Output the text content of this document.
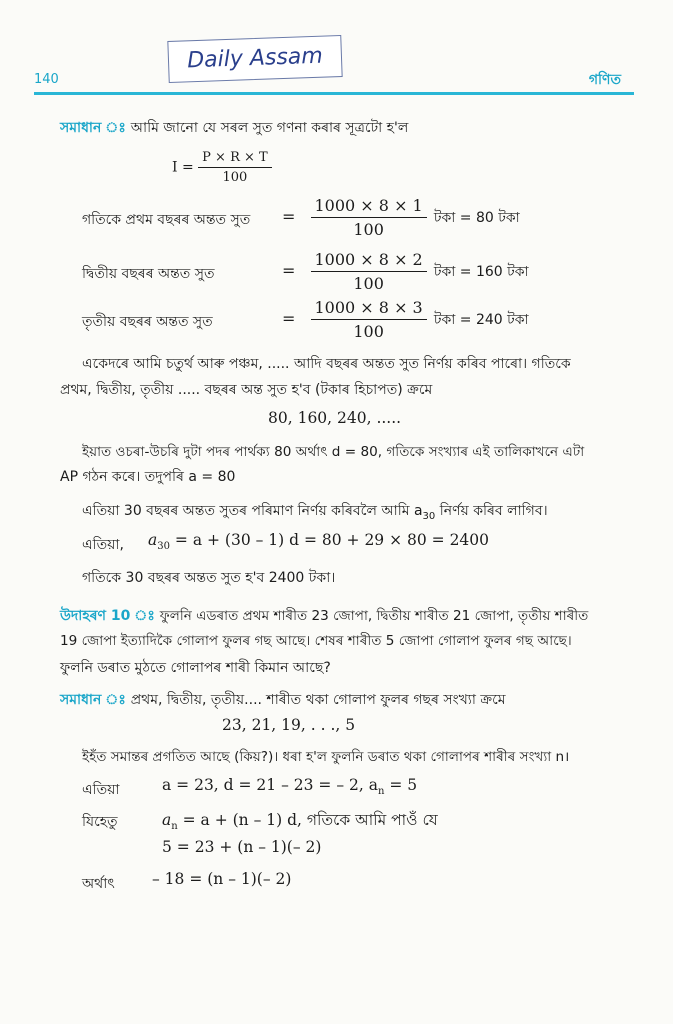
Daily Assam
140	গণিত
সমাধান ঃ আমি জানো যে সৰল সুত গণনা কৰাৰ সূত্ৰটো হ'ল
$I = \frac{P \times R \times T}{100}$
গতিকে প্ৰথম বছৰৰ অন্তত সুত = $\frac{1000 \times 8 \times 1}{100}$ টকা = 80 টকা
দ্বিতীয় বছৰৰ অন্তত সুত	= $\frac{1000 \times 8 \times 2}{100}$ টকা = 160 টকা
তৃতীয় বছৰৰ অন্তত সুত	= $\frac{1000 \times 8 \times 3}{100}$ টকা = 240 টকা
একেদৰে আমি চতুৰ্থ আৰু পঞ্চম, ..... আদি বছৰৰ অন্তত সুত নিৰ্ণয় কৰিব পাৰো। গতিকে
প্ৰথম, দ্বিতীয়, তৃতীয় ..... বছৰৰ অন্ত সুত হ'ব (টকাৰ হিচাপত) ক্ৰমে
80, 160, 240, .....
ইয়াত ওচৰা-উচৰি দুটা পদৰ পাৰ্থক্য 80 অৰ্থাৎ d = 80, গতিকে সংখ্যাৰ এই তালিকাখনে এটা
AP গঠন কৰে। তদুপৰি a = 80
এতিয়া 30 বছৰৰ অন্তত সুতৰ পৰিমাণ নিৰ্ণয় কৰিবলৈ আমি $a_{30}$ নিৰ্ণয় কৰিব লাগিব।
এতিয়া, $a_{30} = a + (30 - 1) d = 80 + 29 \times 80 = 2400$
গতিকে 30 বছৰৰ অন্তত সুত হ'ব 2400 টকা।
উদাহৰণ 10 ঃ ফুলনি এডৰাত প্ৰথম শাৰীত 23 জোপা, দ্বিতীয় শাৰীত 21 জোপা, তৃতীয় শাৰীত
19 জোপা ইত্যাদিকৈ গোলাপ ফুলৰ গছ আছে। শেষৰ শাৰীত 5 জোপা গোলাপ ফুলৰ গছ আছে।
ফুলনি ডৰাত মুঠতে গোলাপৰ শাৰী কিমান আছে?
সমাধান ঃ প্ৰথম, দ্বিতীয়, তৃতীয়.... শাৰীত থকা গোলাপ ফুলৰ গছৰ সংখ্যা ক্ৰমে
23, 21, 19, . . ., 5
ইহঁত সমান্তৰ প্ৰগতিত আছে (কিয়?)। ধৰা হ'ল ফুলনি ডৰাত থকা গোলাপৰ শাৰীৰ সংখ্যা n।
এতিয়া	a = 23, d = 21 – 23 = – 2, $a_n = 5$
যিহেতু	$a_n = a + (n - 1)$ d, গতিকে আমি পাওঁ যে
5 = 23 + (n – 1)(– 2)
অৰ্থাৎ – 18 = (n – 1)(– 2)
